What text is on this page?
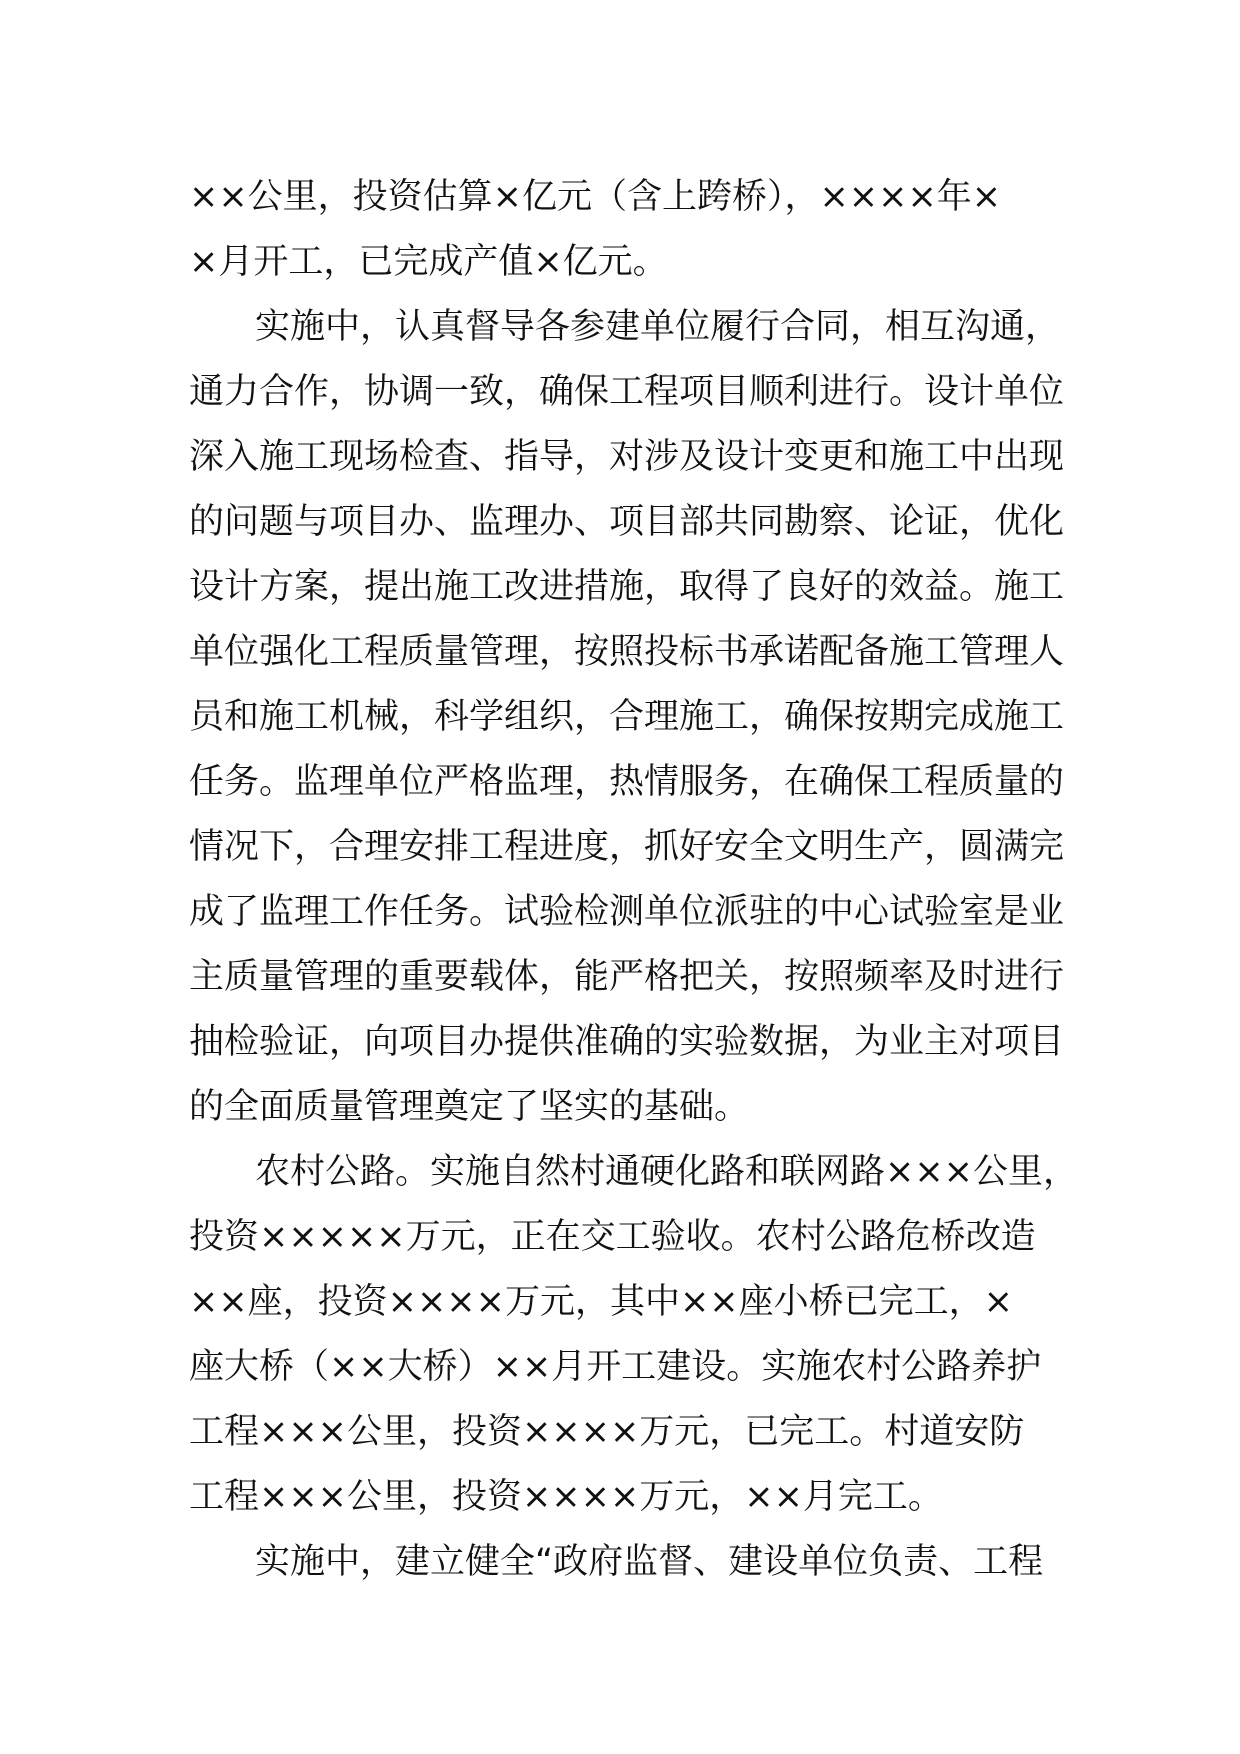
××公里，投资估算×亿元（含上跨桥），××××年×
×月开工，已完成产值×亿元。
实施中，认真督导各参建单位履行合同，相互沟通，
通力合作，协调一致，确保工程项目顺利进行。设计单位
深入施工现场检查、指导，对涉及设计变更和施工中出现
的问题与项目办、监理办、项目部共同勘察、论证，优化
设计方案，提出施工改进措施，取得了良好的效益。施工
单位强化工程质量管理，按照投标书承诺配备施工管理人
员和施工机械，科学组织，合理施工，确保按期完成施工
任务。监理单位严格监理，热情服务，在确保工程质量的
情况下，合理安排工程进度，抓好安全文明生产，圆满完
成了监理工作任务。试验检测单位派驻的中心试验室是业
主质量管理的重要载体，能严格把关，按照频率及时进行
抽检验证，向项目办提供准确的实验数据，为业主对项目
的全面质量管理奠定了坚实的基础。
农村公路。实施自然村通硬化路和联网路×××公里，
投资×××××万元，正在交工验收。农村公路危桥改造
××座，投资××××万元，其中××座小桥已完工，×
座大桥（××大桥）××月开工建设。实施农村公路养护
工程×××公里，投资××××万元，已完工。村道安防
工程×××公里，投资××××万元，××月完工。
实施中，建立健全“政府监督、建设单位负责、工程
